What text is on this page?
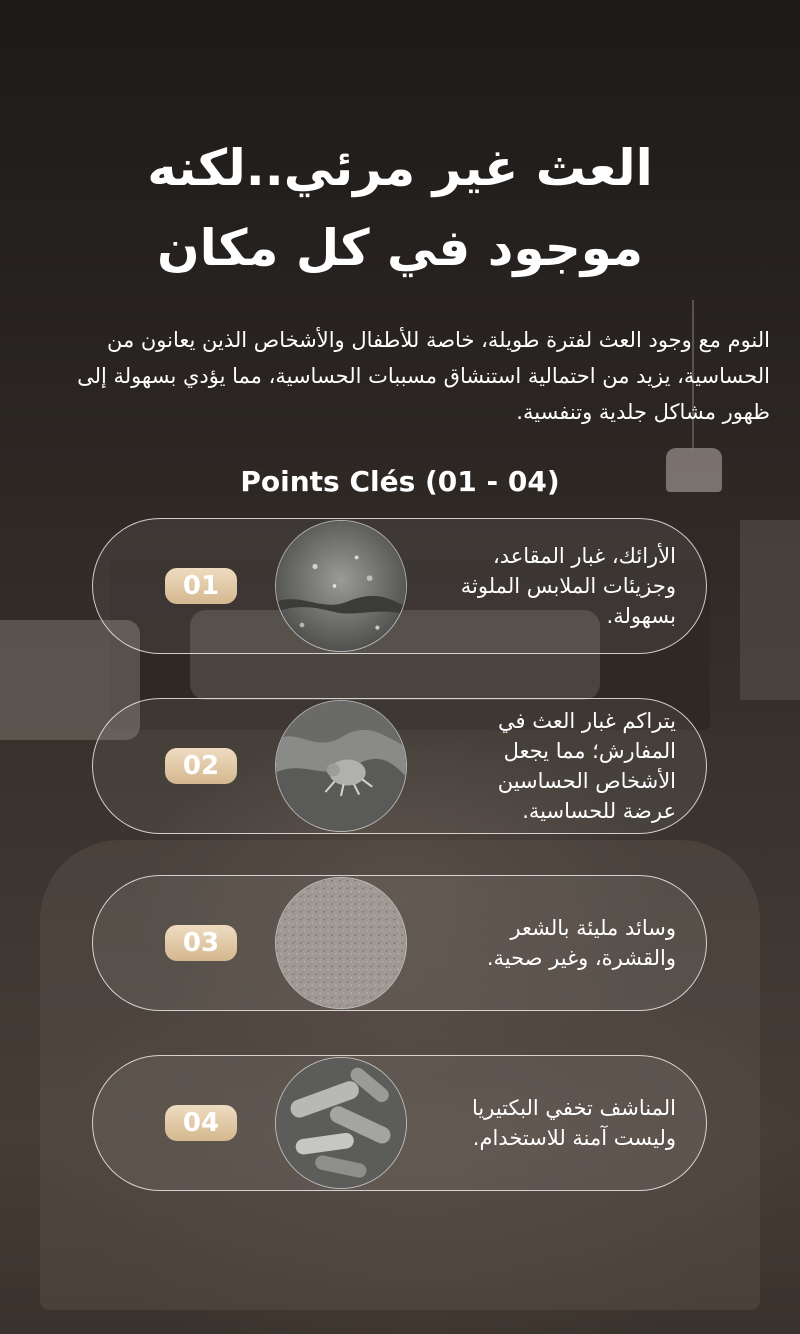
العث غير مرئي..لكنه
موجود في كل مكان

النوم مع وجود العث لفترة طويلة، خاصة للأطفال والأشخاص الذين يعانون من الحساسية، يزيد من احتمالية استنشاق مسببات الحساسية، مما يؤدي بسهولة إلى ظهور مشاكل جلدية وتنفسية.

Points Clés (01 - 04)
01

الأرائك، غبار المقاعد، وجزيئات الملابس الملوثة بسهولة.

02

يتراكم غبار العث في المفارش؛ مما يجعل الأشخاص الحساسين عرضة للحساسية.

03	وسائد مليئة بالشعر والقشرة، وغير صحية.

04	المناشف تخفي البكتيريا وليست آمنة للاستخدام.
